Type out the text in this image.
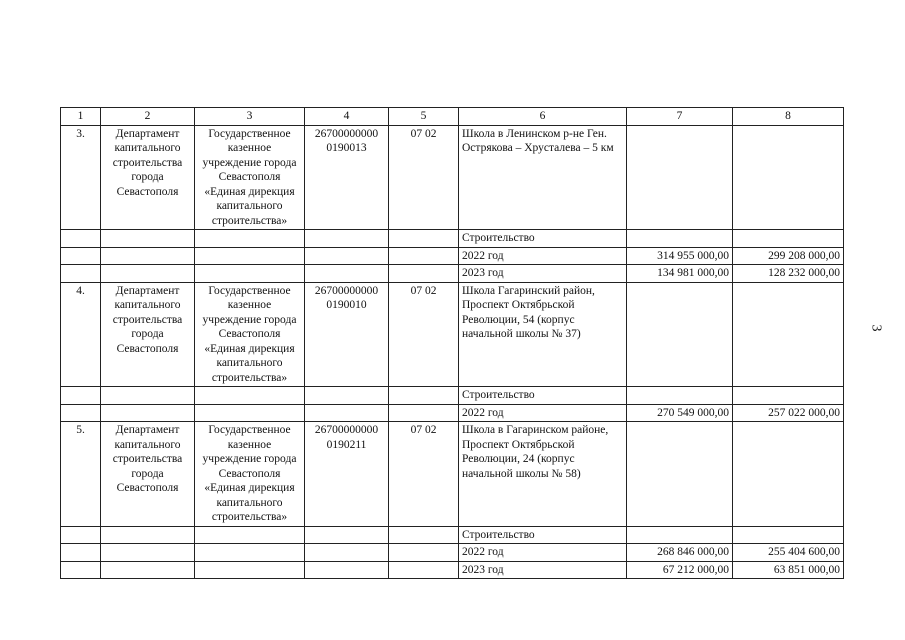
1	2	3	4	5	6	7	8
3.	Департамент капитального строительства города Севастополя	Государственное казенное учреждение города Севастополя «Единая дирекция капитального строительства»	26700000000 0190013	07 02	Школа в Ленинском р-не Ген. Острякова – Хрусталева – 5 км		
					Строительство		
					2022 год	314 955 000,00	299 208 000,00
					2023 год	134 981 000,00	128 232 000,00
4.	Департамент капитального строительства города Севастополя	Государственное казенное учреждение города Севастополя «Единая дирекция капитального строительства»	26700000000 0190010	07 02	Школа Гагаринский район, Проспект Октябрьской Революции, 54 (корпус начальной школы № 37)		
					Строительство		
					2022 год	270 549 000,00	257 022 000,00
5.	Департамент капитального строительства города Севастополя	Государственное казенное учреждение города Севастополя «Единая дирекция капитального строительства»	26700000000 0190211	07 02	Школа в Гагаринском районе, Проспект Октябрьской Революции, 24 (корпус начальной школы № 58)		
					Строительство		
					2022 год	268 846 000,00	255 404 600,00
					2023 год	67 212 000,00	63 851 000,00
3
